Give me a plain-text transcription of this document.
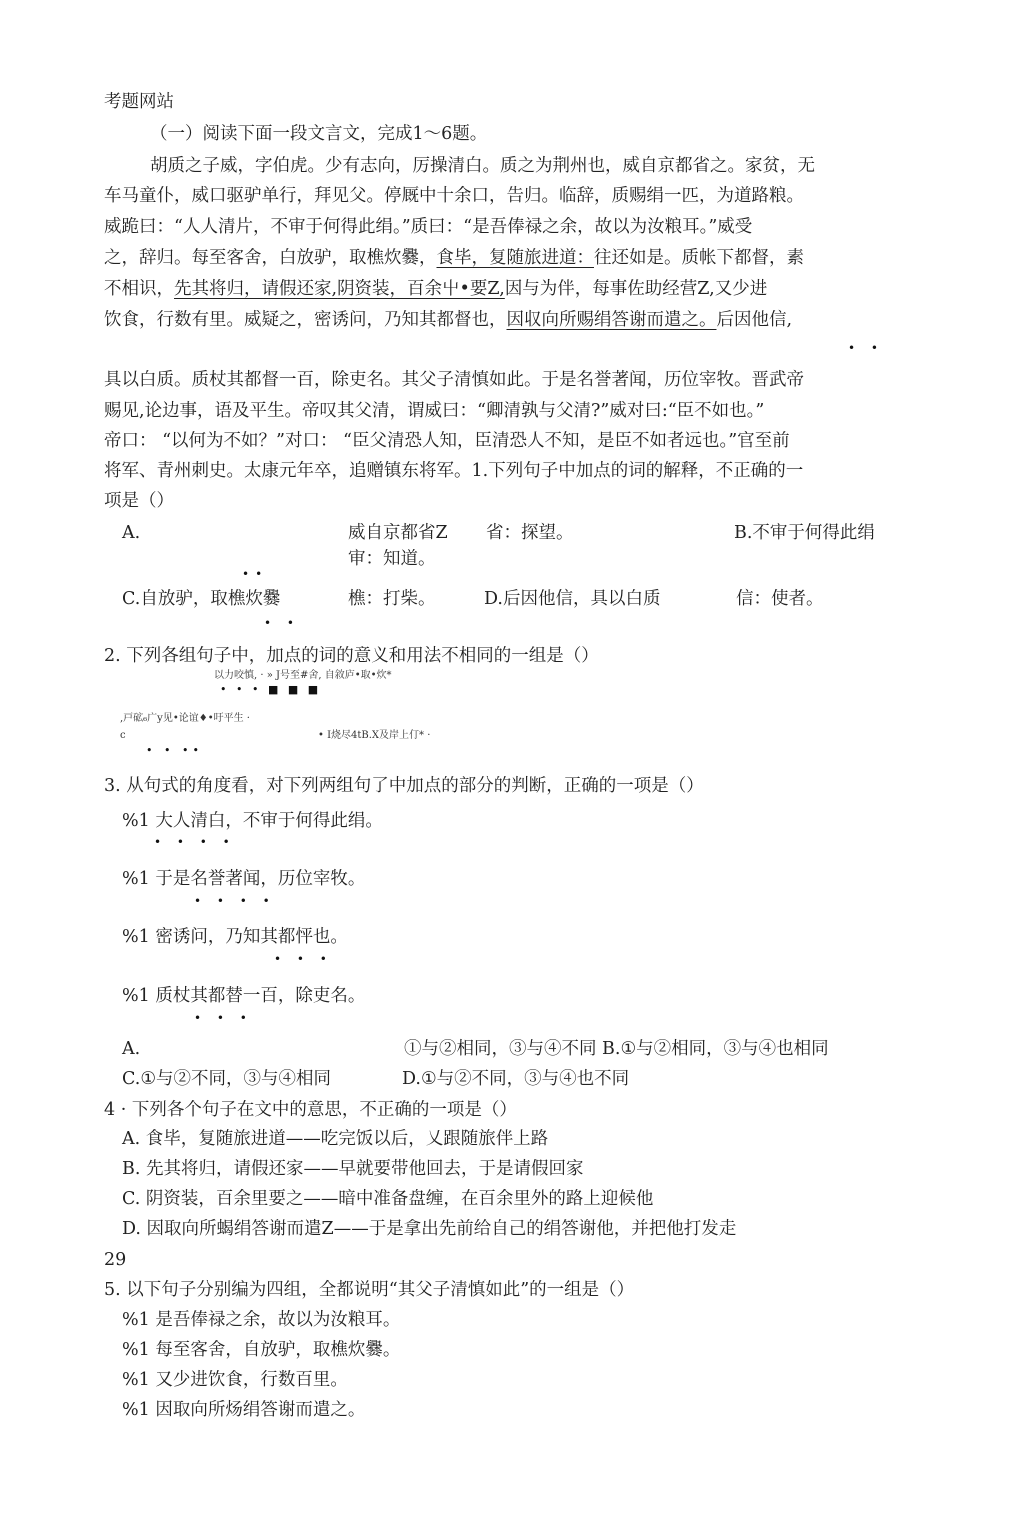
考题网站
（一）阅读下面一段文言文，完成1〜6题。
胡质之子威，字伯虎。少有志向，厉操清白。质之为荆州也，威自京都省之。家贫，无
车马童仆，威口驱驴单行，拜见父。停厩中十余口，告归。临辞，质赐绢一匹，为道路粮。
威跪曰：“人人清片，不审于何得此绢。”质曰：“是吾俸禄之余，故以为汝粮耳。”威受
之，辞归。每至客舍，白放驴，取樵炊爨，食毕，复随旅进道：往还如是。质帐下都督，素
不相识，先其将归，请假还家,阴资装，百余屮•要Z,因与为伴，每事佐助经营Z,又少进
饮食，行数有里。威疑之，密诱问，乃知其都督也，因収向所赐绢答谢而遣之。后因他信,
• •
具以白质。质杖其都督一百，除吏名。其父子清慎如此。于是名誉著闻，历位宰牧。晋武帝
赐见,论边事，语及平生。帝叹其父清，谓威曰：“卿清孰与父清?”威对曰:“臣不如也。”
帝口： “以何为不如？”对口： “臣父清恐人知，臣清恐人不知，是臣不如者远也。”官至前
将军、青州刺史。太康元年卒，追赠镇东将军。1.下列句子中加点的词的解释，不正确的一
项是（）
A.	威自京都省Z 省：探望。	B.不审于何得此绢
审：知道。
••
C.自放驴，取樵炊爨	樵：打柴。	D.后因他信，具以白质	信：使者。
• •
2. 下列各组句子中，加点的词的意义和用法不相同的一组是（）
以力咬慎, · » J号至#舍, 自敘庐•取•炊*
• • • ■ ■ ■
,戸砿₆广y见•论谊♦•吁平生 ·
c	• I烧尽4tB.X及岸上仃* ·
• • ••
3. 从句式的角度看，对下列两组句了中加点的部分的判断，正确的一项是（）
%1 大人清白，不审于何得此绢。
• • • •
%1 于是名誉著闻，历位宰牧。
• • • •
%1 密诱问，乃知其都怦也。
• • •
%1 质杖其都替一百，除吏名。
• • •
A.	①与②相同，③与④不同 B.①与②相同，③与④也相同
C.①与②不同，③与④相同	D.①与②不同，③与④也不同
4 · 下列各个句子在文中的意思，不正确的一项是（）
A. 食毕，复随旅进道——吃完饭以后，乂跟随旅伴上路
B. 先其将归，请假还家——早就要带他回去，于是请假回家
C. 阴资装，百余里要之——暗中准备盘缠，在百余里外的路上迎候他
D. 因取向所蝎绢答谢而遣Z——于是拿出先前给自己的绢答谢他，并把他打发走
29
5. 以下句子分别编为四组，全都说明“其父子清慎如此”的一组是（）
%1 是吾俸禄之余，故以为汝粮耳。
%1 每至客舍，自放驴，取樵炊爨。
%1 又少进饮食，行数百里。
%1 因取向所炀绢答谢而遣之。
